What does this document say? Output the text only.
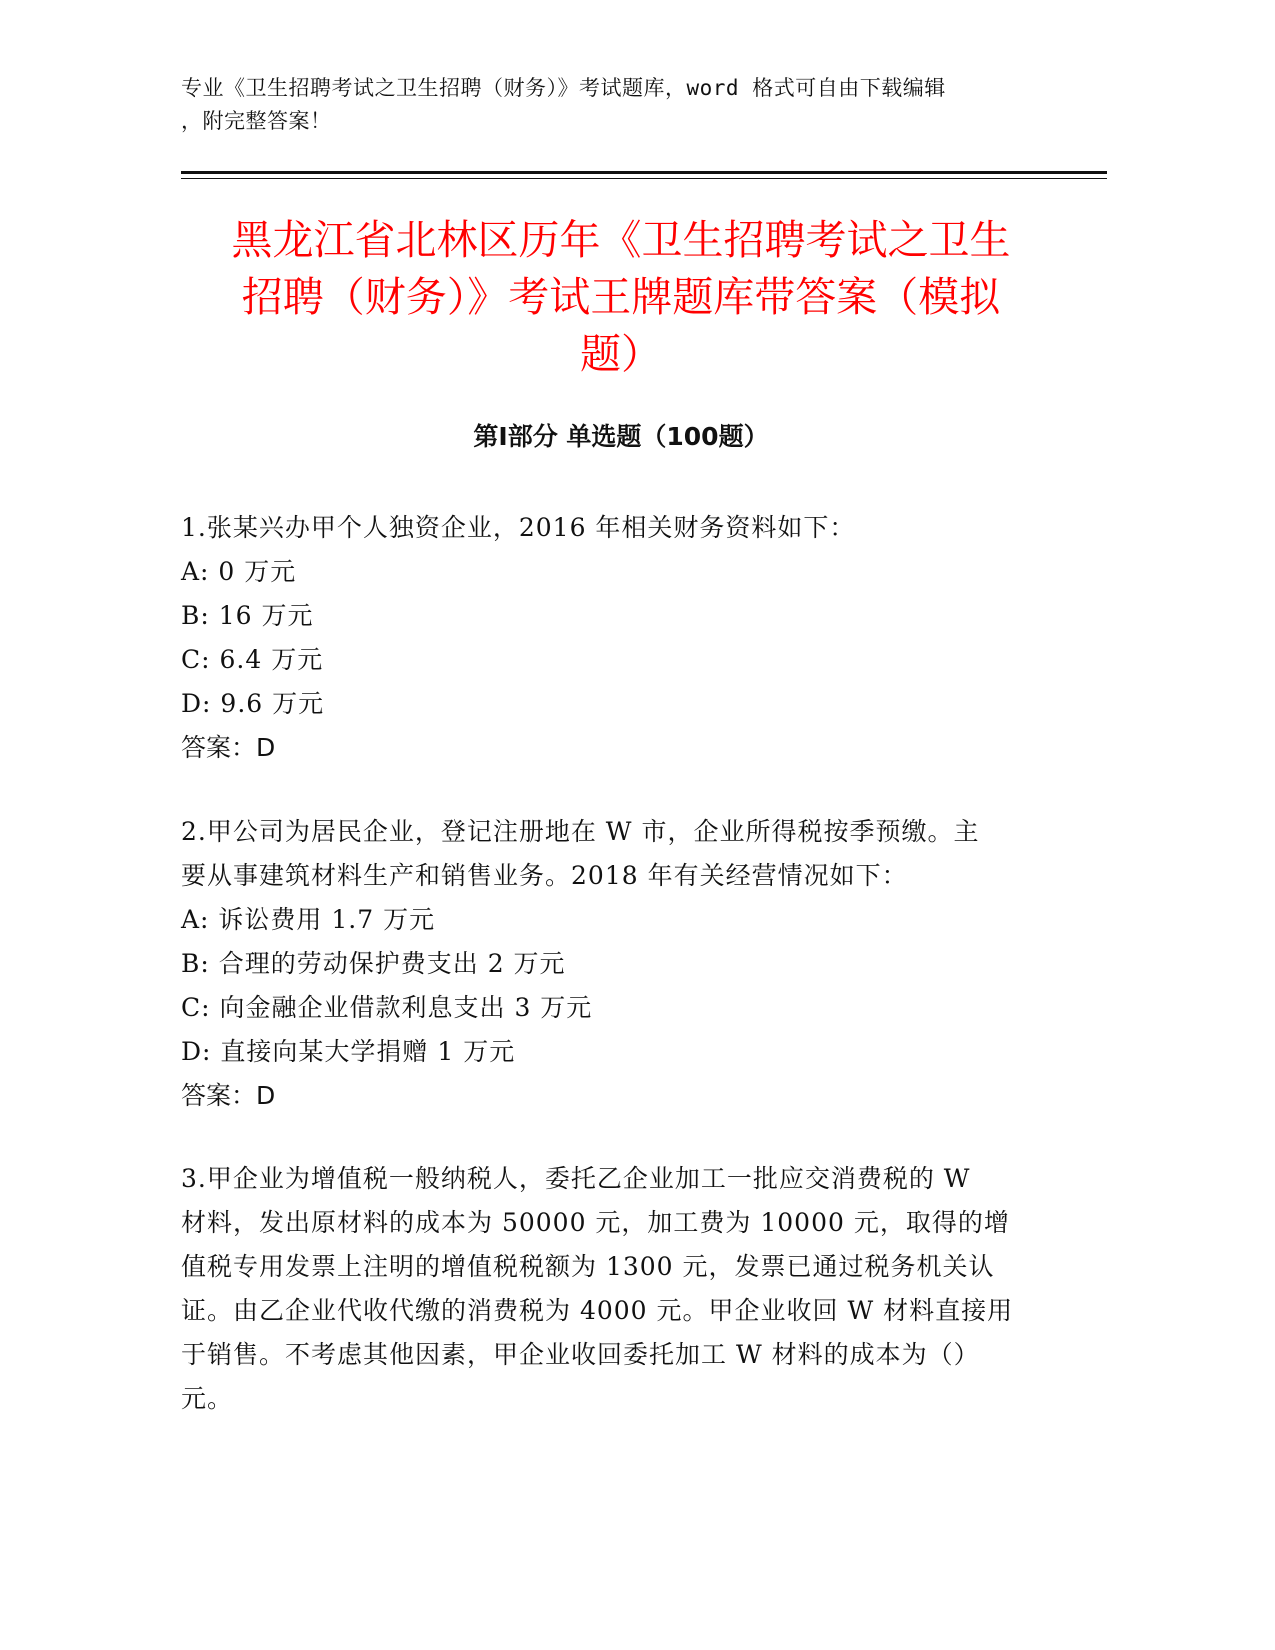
专业《卫生招聘考试之卫生招聘（财务）》考试题库，word 格式可自由下载编辑
，附完整答案！
黑龙江省北林区历年《卫生招聘考试之卫生
招聘（财务）》考试王牌题库带答案（模拟
题）
第Ⅰ部分 单选题（100题）

1.张某兴办甲个人独资企业，2016 年相关财务资料如下：

A: 0 万元

B: 16 万元

C: 6.4 万元

D: 9.6 万元

答案：D

2.甲公司为居民企业，登记注册地在 W 市，企业所得税按季预缴。主

要从事建筑材料生产和销售业务。2018 年有关经营情况如下：

A: 诉讼费用 1.7 万元

B: 合理的劳动保护费支出 2 万元

C: 向金融企业借款利息支出 3 万元

D: 直接向某大学捐赠 1 万元

答案：D

3.甲企业为增值税一般纳税人，委托乙企业加工一批应交消费税的 W

材料，发出原材料的成本为 50000 元，加工费为 10000 元，取得的增

值税专用发票上注明的增值税税额为 1300 元，发票已通过税务机关认

证。由乙企业代收代缴的消费税为 4000 元。甲企业收回 W 材料直接用

于销售。不考虑其他因素，甲企业收回委托加工 W 材料的成本为（）

元。
